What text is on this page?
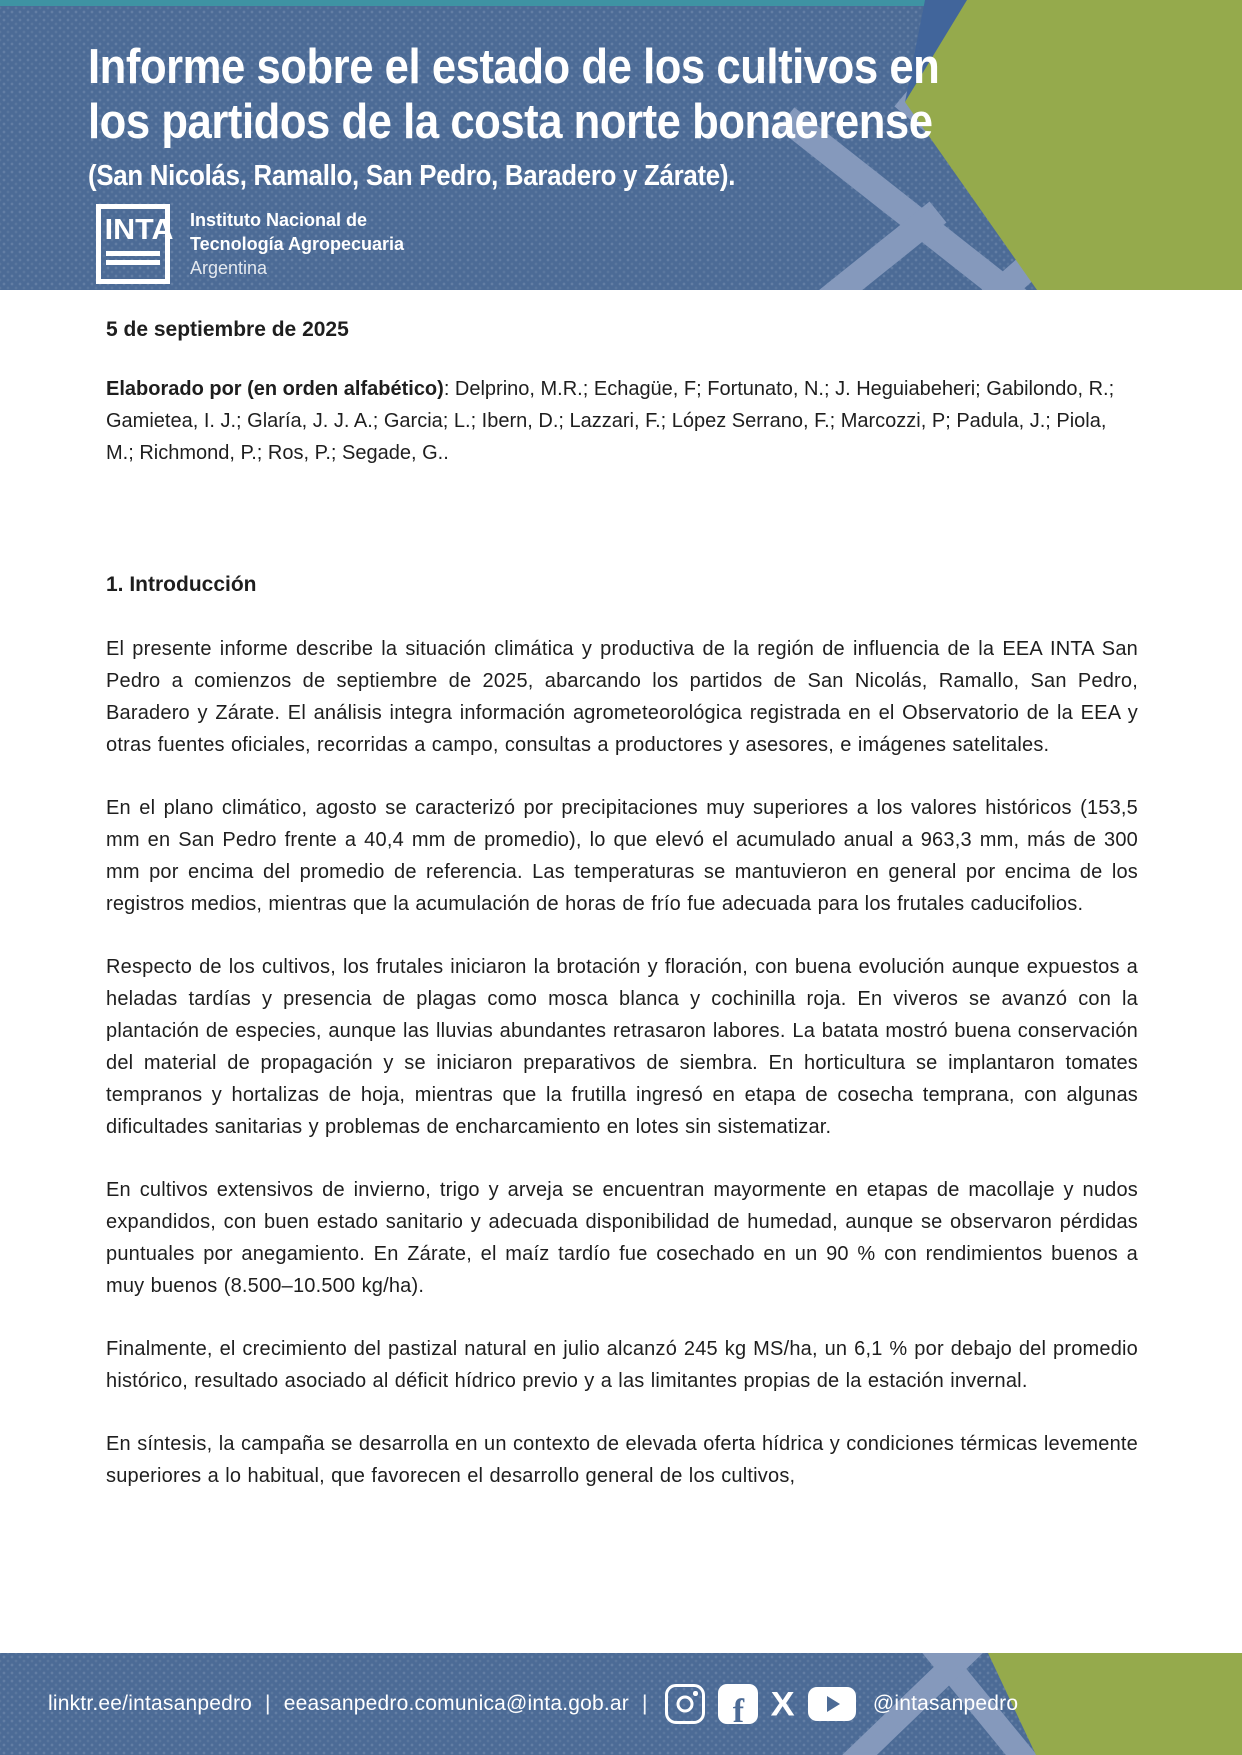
Informe sobre el estado de los cultivos en
los partidos de la costa norte bonaerense
(San Nicolás, Ramallo, San Pedro, Baradero y Zárate).
INTA Instituto Nacional de
Tecnología Agropecuaria
Argentina
5 de septiembre de 2025
Elaborado por (en orden alfabético): Delprino, M.R.; Echagüe, F; Fortunato, N.; J. Heguiabeheri; Gabilondo, R.; Gamietea, I. J.; Glaría, J. J. A.; Garcia; L.; Ibern, D.; Lazzari, F.; López Serrano, F.; Marcozzi, P; Padula, J.; Piola, M.; Richmond, P.; Ros, P.; Segade, G..
1. Introducción

El presente informe describe la situación climática y productiva de la región de influencia de la EEA INTA San Pedro a comienzos de septiembre de 2025, abarcando los partidos de San Nicolás, Ramallo, San Pedro, Baradero y Zárate. El análisis integra información agrometeorológica registrada en el Observatorio de la EEA y otras fuentes oficiales, recorridas a campo, consultas a productores y asesores, e imágenes satelitales.

En el plano climático, agosto se caracterizó por precipitaciones muy superiores a los valores históricos (153,5 mm en San Pedro frente a 40,4 mm de promedio), lo que elevó el acumulado anual a 963,3 mm, más de 300 mm por encima del promedio de referencia. Las temperaturas se mantuvieron en general por encima de los registros medios, mientras que la acumulación de horas de frío fue adecuada para los frutales caducifolios.

Respecto de los cultivos, los frutales iniciaron la brotación y floración, con buena evolución aunque expuestos a heladas tardías y presencia de plagas como mosca blanca y cochinilla roja. En viveros se avanzó con la plantación de especies, aunque las lluvias abundantes retrasaron labores. La batata mostró buena conservación del material de propagación y se iniciaron preparativos de siembra. En horticultura se implantaron tomates tempranos y hortalizas de hoja, mientras que la frutilla ingresó en etapa de cosecha temprana, con algunas dificultades sanitarias y problemas de encharcamiento en lotes sin sistematizar.

En cultivos extensivos de invierno, trigo y arveja se encuentran mayormente en etapas de macollaje y nudos expandidos, con buen estado sanitario y adecuada disponibilidad de humedad, aunque se observaron pérdidas puntuales por anegamiento. En Zárate, el maíz tardío fue cosechado en un 90 % con rendimientos buenos a muy buenos (8.500–10.500 kg/ha).

Finalmente, el crecimiento del pastizal natural en julio alcanzó 245 kg MS/ha, un 6,1 % por debajo del promedio histórico, resultado asociado al déficit hídrico previo y a las limitantes propias de la estación invernal.

En síntesis, la campaña se desarrolla en un contexto de elevada oferta hídrica y condiciones térmicas levemente superiores a lo habitual, que favorecen el desarrollo general de los cultivos,

linktr.ee/intasanpedro | eeasanpedro.comunica@inta.gob.ar |	f X	@intasanpedro
